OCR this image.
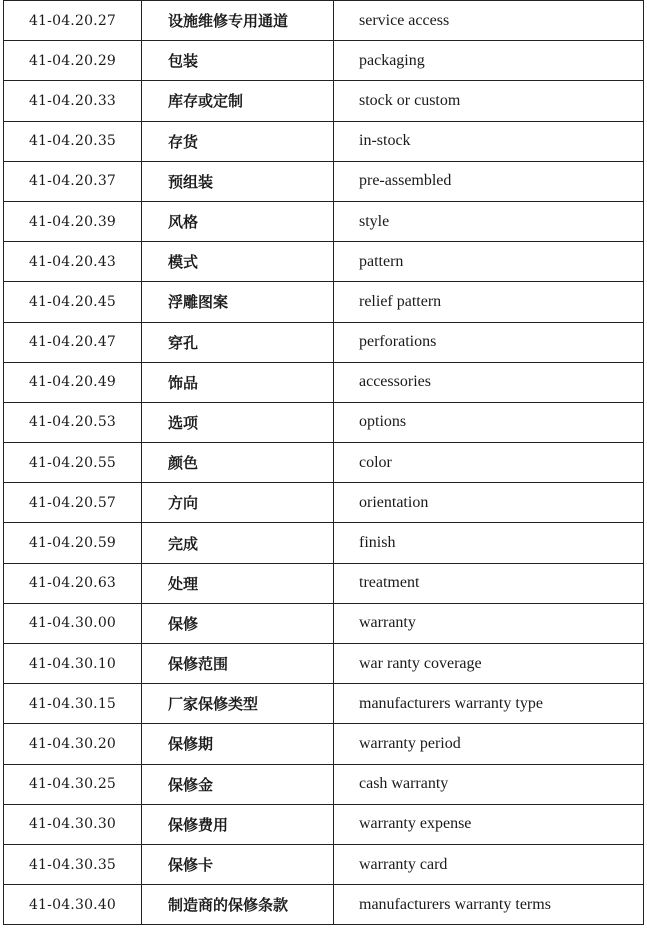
41-04.20.27	设施维修专用通道	service access
41-04.20.29	包装	packaging
41-04.20.33	库存或定制	stock or custom
41-04.20.35	存货	in-stock
41-04.20.37	预组装	pre-assembled
41-04.20.39	风格	style
41-04.20.43	模式	pattern
41-04.20.45	浮雕图案	relief pattern
41-04.20.47	穿孔	perforations
41-04.20.49	饰品	accessories
41-04.20.53	选项	options
41-04.20.55	颜色	color
41-04.20.57	方向	orientation
41-04.20.59	完成	finish
41-04.20.63	处理	treatment
41-04.30.00	保修	warranty
41-04.30.10	保修范围	war ranty coverage
41-04.30.15	厂家保修类型	manufacturers warranty type
41-04.30.20	保修期	warranty period
41-04.30.25	保修金	cash warranty
41-04.30.30	保修费用	warranty expense
41-04.30.35	保修卡	warranty card
41-04.30.40	制造商的保修条款	manufacturers warranty terms
